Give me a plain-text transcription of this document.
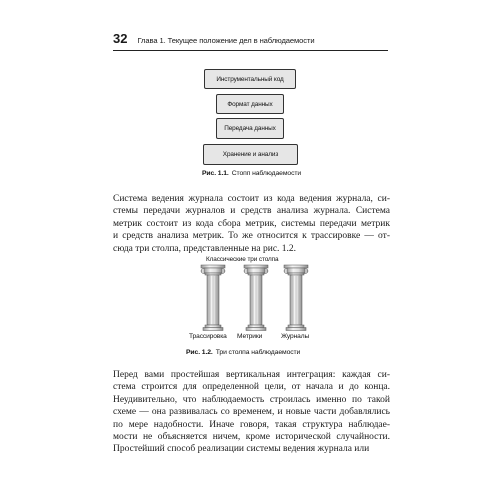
32 Глава 1. Текущее положение дел в наблюдаемости
Инструментальный код
Формат данных
Передача данных
Хранение и анализ
Рис. 1.1. Стопп наблюдаемости
Система ведения журнала состоит из кода ведения журнала, си-
стемы передачи журналов и средств анализа журнала. Система
метрик состоит из кода сбора метрик, системы передачи метрик
и средств анализа метрик. То же относится к трассировке — от-
сюда три столпа, представленные на рис. 1.2.
Классические три столпа
Трассировка Метрики	Журналы
Рис. 1.2. Три столпа наблюдаемости
Перед вами простейшая вертикальная интеграция: каждая си-
стема строится для определенной цели, от начала и до конца.
Неудивительно, что наблюдаемость строилась именно по такой
схеме — она развивалась со временем, и новые части добавлялись
по мере надобности. Иначе говоря, такая структура наблюдае-
мости не объясняется ничем, кроме исторической случайности.
Простейший способ реализации системы ведения журнала или
